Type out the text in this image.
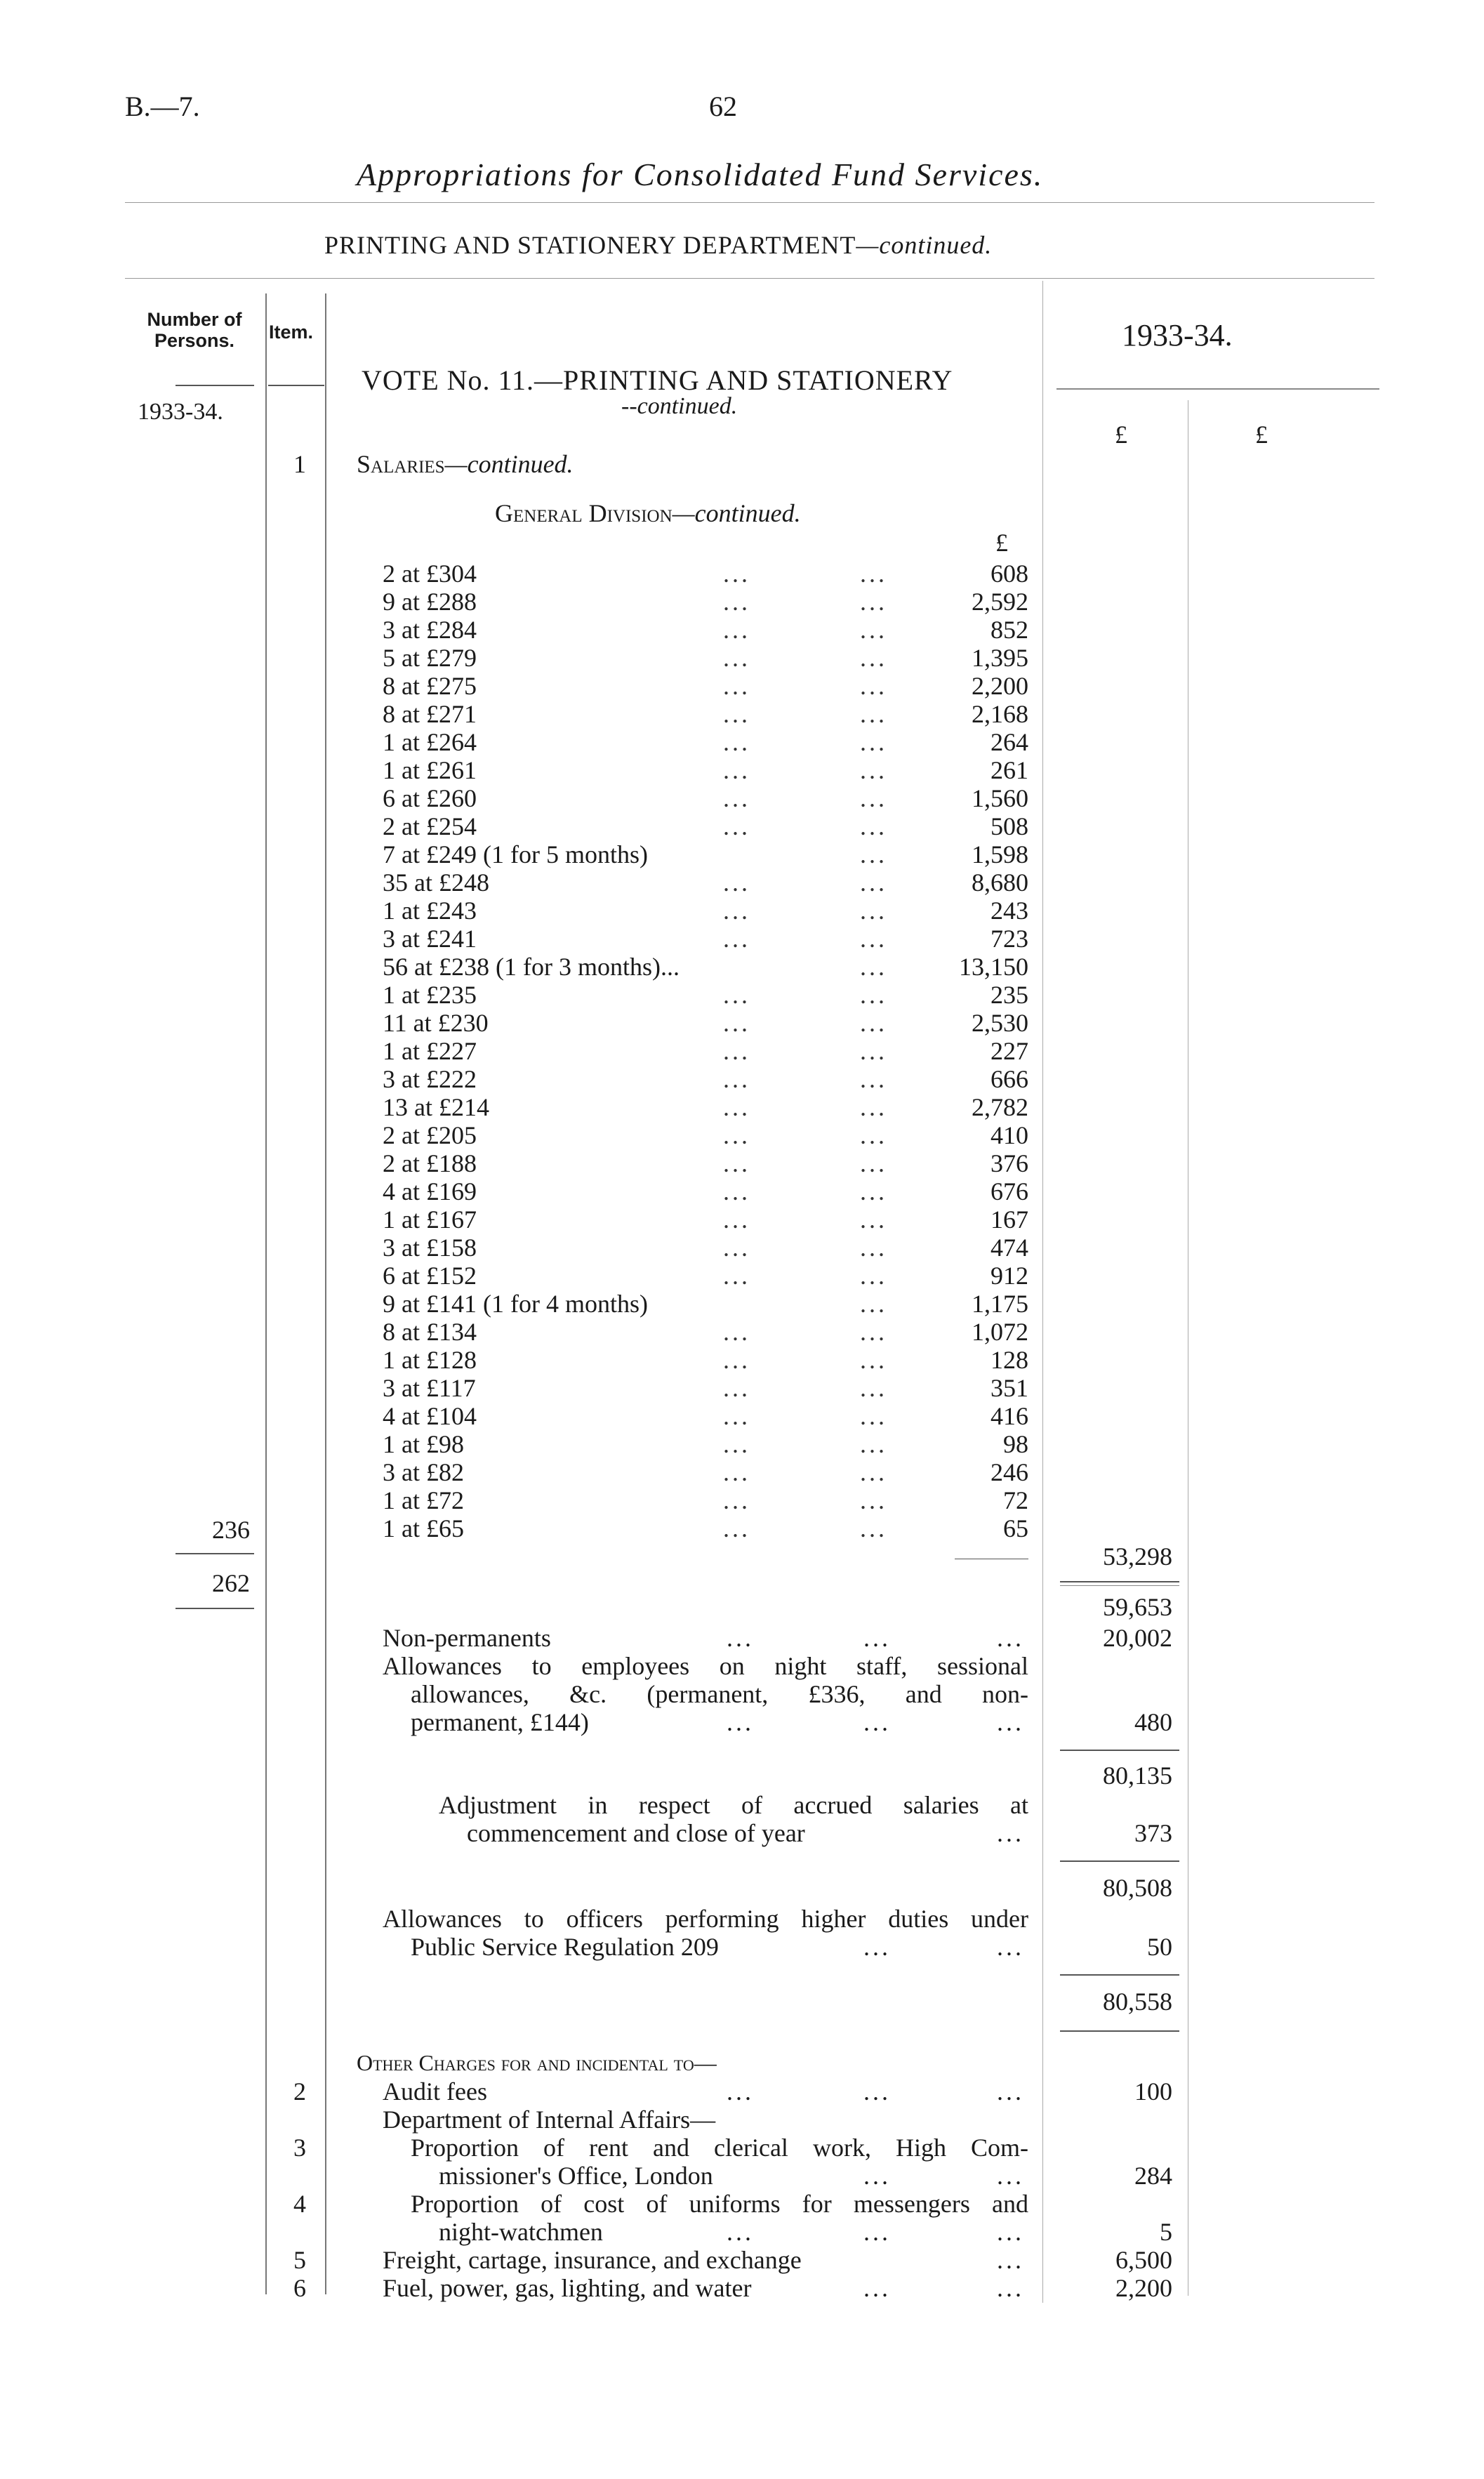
B.—7.	62
Appropriations for Consolidated Fund Services.
PRINTING AND STATIONERY DEPARTMENT—continued.
Number of Persons.	Item.	1933-34.
1933-34.
£	£
VOTE No. 11.—PRINTING AND STATIONERY
--continued.
1 Salaries—continued.
General Division—continued.
£
2 at £304	...	...	608
9 at £288	...	...	2,592
3 at £284	...	...	852
5 at £279	...	...	1,395
8 at £275	...	...	2,200
8 at £271	...	...	2,168
1 at £264	...	...	264
1 at £261	...	...	261
6 at £260	...	...	1,560
2 at £254	...	...	508
7 at £249 (1 for 5 months)	...	1,598
35 at £248	...	...	8,680
1 at £243	...	...	243
3 at £241	...	...	723
56 at £238 (1 for 3 months)...	...	13,150
1 at £235	...	...	235
11 at £230	...	...	2,530
1 at £227	...	...	227
3 at £222	...	...	666
13 at £214	...	...	2,782
2 at £205	...	...	410
2 at £188	...	...	376
4 at £169	...	...	676
1 at £167	...	...	167
3 at £158	...	...	474
6 at £152	...	...	912
9 at £141 (1 for 4 months)	...	1,175
8 at £134	...	...	1,072
1 at £128	...	...	128
3 at £117	...	...	351
4 at £104	...	...	416
1 at £98	...	...	98
3 at £82	...	...	246
1 at £72	...	...	72
1 at £65	...	...	65
236
53,298
262
59,653
Non-permanents	...	...	...	20,002
Allowances to employees on night staff, sessional
allowances, &c. (permanent, £336, and non-
permanent, £144)	...	...	...	480
80,135
Adjustment in respect of accrued salaries at
commencement and close of year	...	373
80,508
Allowances to officers performing higher duties under
Public Service Regulation 209	...	...	50
80,558
Other Charges for and incidental to—
2	Audit fees	...	...	...	100
Department of Internal Affairs—
3	Proportion of rent and clerical work, High Com-
missioner's Office, London	...	...	284
4	Proportion of cost of uniforms for messengers and
night-watchmen	...	...	...	5
5	Freight, cartage, insurance, and exchange	...	6,500
6	Fuel, power, gas, lighting, and water	...	...	2,200
